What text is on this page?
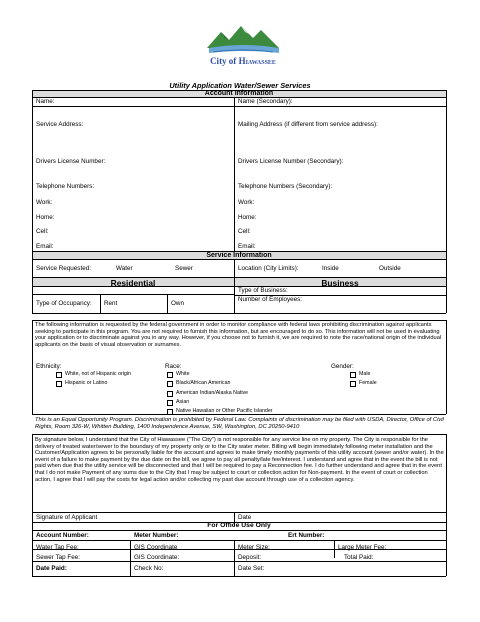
City of Hiawassee
Utility Application Water/Sewer Services
Account Information
Name:	Name (Secondary):
Service Address:	Mailing Address (if different from service address):
Drivers License Number:	Drivers License Number (Secondary):
Telephone Numbers:	Telephone Numbers (Secondary):
Work:	Work:
Home:	Home:
Cell:	Cell:
Email:	Email:
Service Information
Service Requested:	Water	Sewer	Location (City Limits):	Inside	Outside
Residential	Business
Type of Occupancy: Rent	Own
Type of Business:
Number of Employees:
The following information is requested by the federal government in order to monitor compliance with federal laws prohibiting discrimination against applicants seeking to participate in this program. You are not required to furnish this information, but are encouraged to do so. This information will not be used in evaluating your application or to discriminate against you in any way. However, if you choose not to furnish it, we are required to note the race/national origin of the individual applicants on the basis of visual observation or surnames.
Ethnicity:	Race:	Gender:
White, not of Hispanic origin
Hispanic or Latino
White
Black/African American
American Indian/Alaska Native
Asian
Native Hawaiian or Other Pacific Islander
Male
Female
This is an Equal Opportunity Program. Discrimination is prohibited by Federal Law. Complaints of discrimination may be filed with USDA, Director, Office of Civil Rights, Room 326-W, Whitten Building, 1400 Independence Avenue, SW, Washington, DC 20250-9410
By signature below, I understand that the City of Hiawassee ("The City") is not responsible for any service line on my property. The City is responsible for the delivery of treated water/sewer to the boundary of my property only or to the City water meter. Billing will begin immediately following meter installation and the Customer/Application agrees to be personally liable for the account and agrees to make timely monthly payments of this utility account (sewer and/or water). In the event of a failure to make payment by the due date on the bill, we agree to pay all penalty/late fee/interest. I understand and agree that in the event the bill is not paid when due that the utility service will be disconnected and that I will be required to pay a Reconnection fee. I do further understand and agree that in the event that I do not make Payment of any sums due to the City that I may be subject to court or collection action for Non-payment. In the event of court or collection action, I agree that I will pay the costs for legal action and/or collecting my past due account through use of a collection agency.
Signature of Applicant	Date
For Office Use Only
Account Number:	Meter Number:	Ert Number:
Water Tap Fee:	GIS Coordinate	Meter Size:	Large Meter Fee:
Sewer Tap Fee:	GIS Coordinate:	Deposit:	Total Paid:
Date Paid:	Check No:	Date Set:
